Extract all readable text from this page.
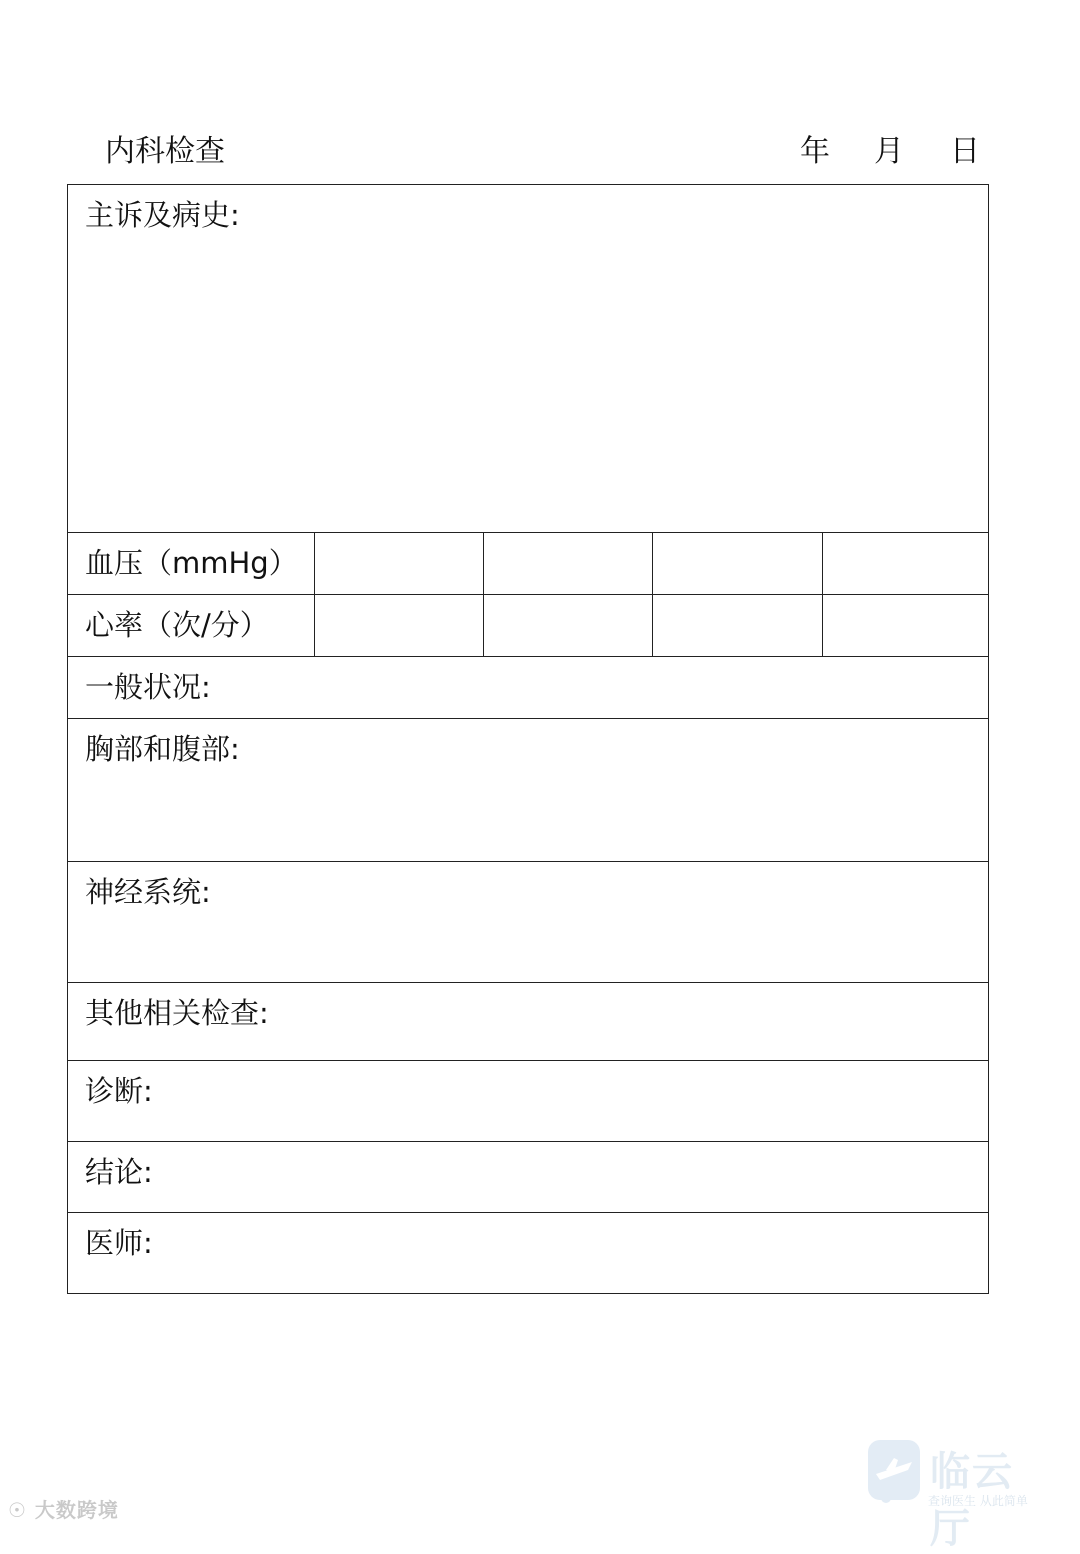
内科检查	年 月 日
主诉及病史:
血压（mmHg）
心率（次/分）
一般状况:
胸部和腹部:
神经系统:
其他相关检查:
诊断:
结论:
医师:
☉ 大数跨境
临云厅
查询医生 从此简单
